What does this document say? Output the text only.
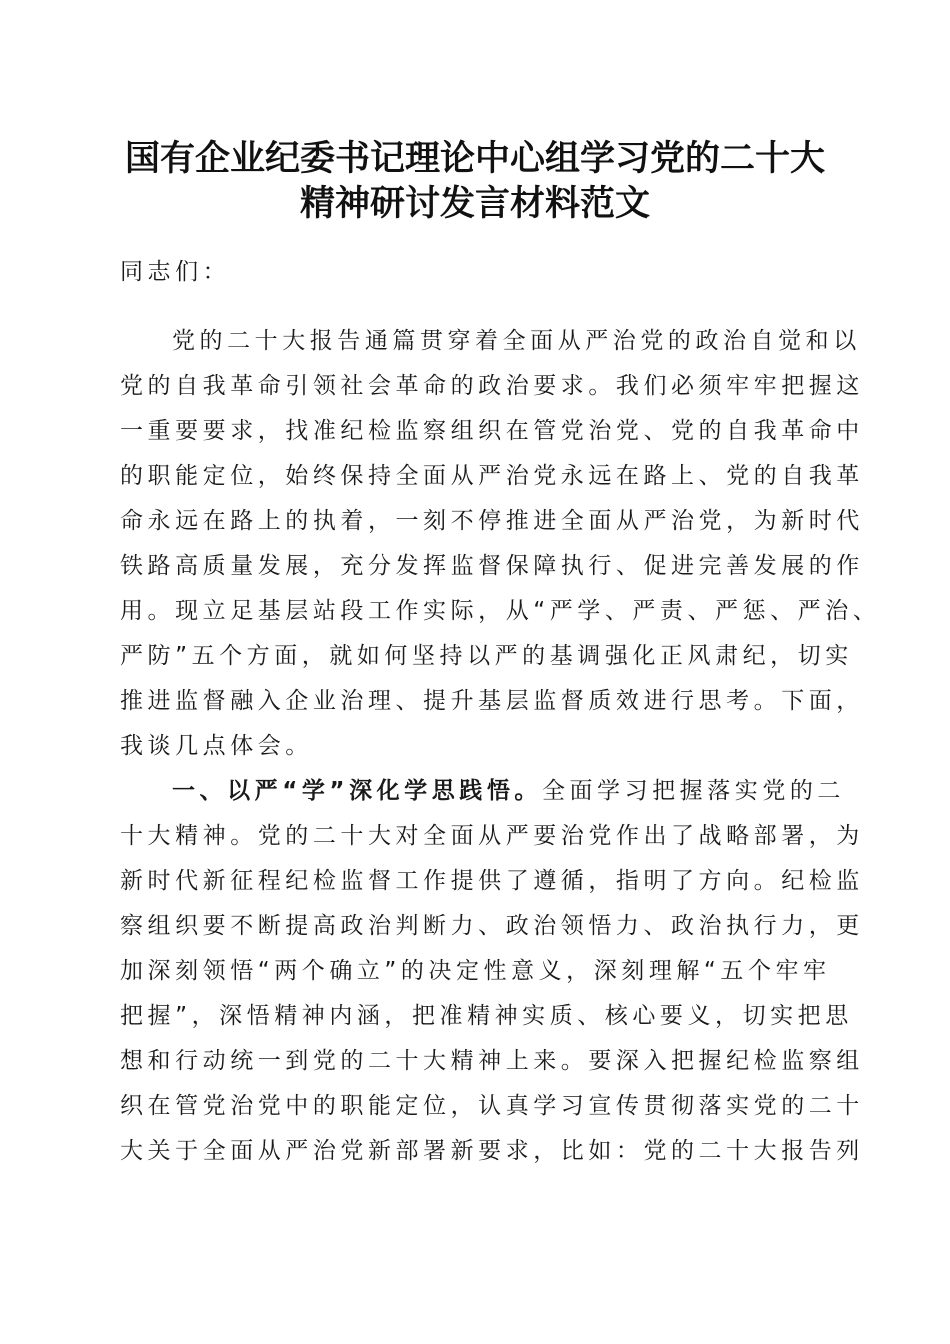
国有企业纪委书记理论中心组学习党的二十大
精神研讨发言材料范文

同志们：

党的二十大报告通篇贯穿着全面从严治党的政治自觉和以

党的自我革命引领社会革命的政治要求。我们必须牢牢把握这

一重要要求，找准纪检监察组织在管党治党、党的自我革命中

的职能定位，始终保持全面从严治党永远在路上、党的自我革

命永远在路上的执着，一刻不停推进全面从严治党，为新时代

铁路高质量发展，充分发挥监督保障执行、促进完善发展的作

用。现立足基层站段工作实际，从“严学、严责、严惩、严治、

严防”五个方面，就如何坚持以严的基调强化正风肃纪，切实

推进监督融入企业治理、提升基层监督质效进行思考。下面，

我谈几点体会。

一、以严“学”深化学思践悟。全面学习把握落实党的二

十大精神。党的二十大对全面从严要治党作出了战略部署，为

新时代新征程纪检监督工作提供了遵循，指明了方向。纪检监

察组织要不断提高政治判断力、政治领悟力、政治执行力，更

加深刻领悟“两个确立”的决定性意义，深刻理解“五个牢牢

把握”，深悟精神内涵，把准精神实质、核心要义，切实把思

想和行动统一到党的二十大精神上来。要深入把握纪检监察组

织在管党治党中的职能定位，认真学习宣传贯彻落实党的二十

大关于全面从严治党新部署新要求，比如：党的二十大报告列
